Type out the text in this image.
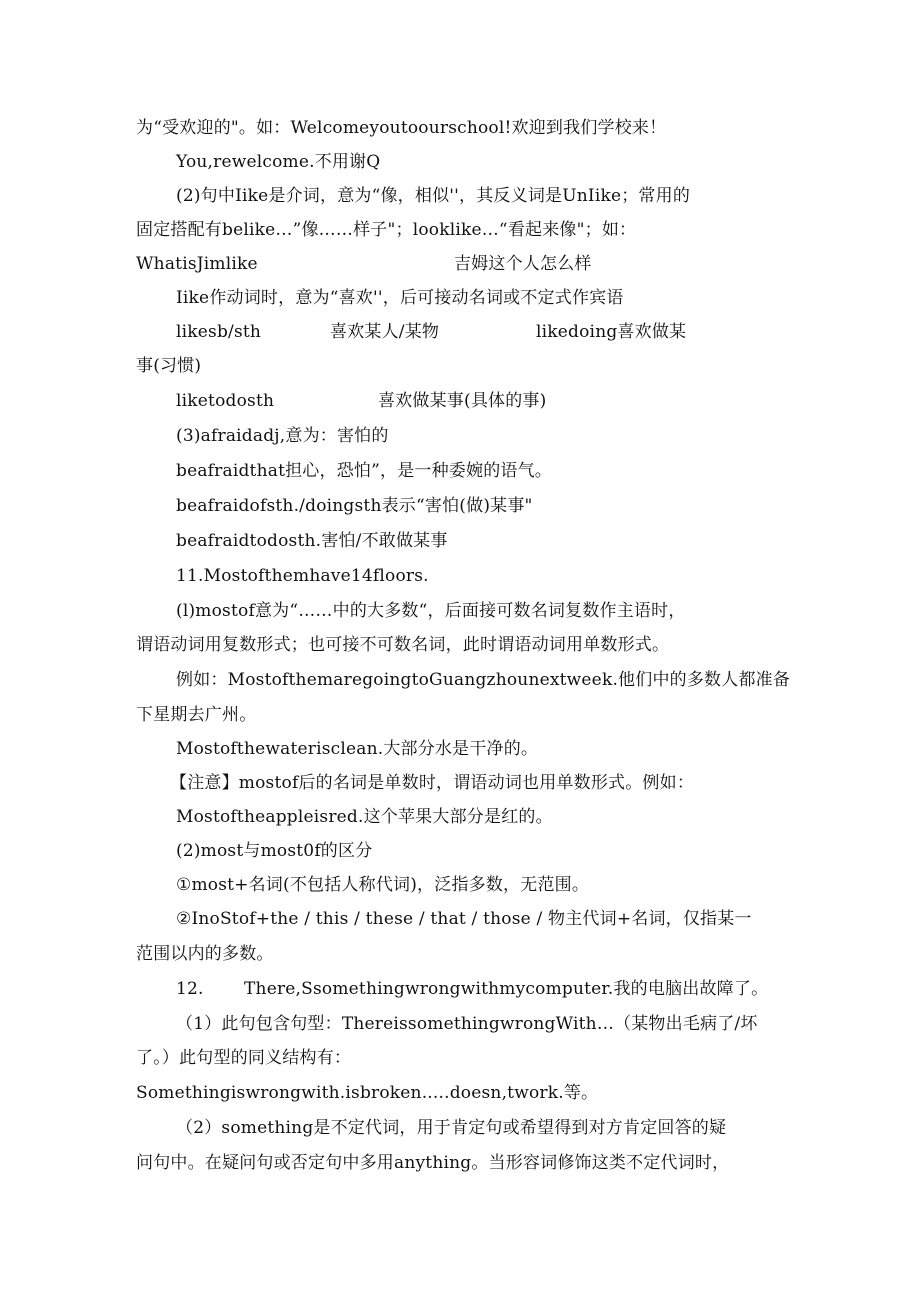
为“受欢迎的"。如：Welcomeyoutoourschool!欢迎到我们学校来！
You,rewelcome.不用谢Q
(2)句中Iike是介词，意为“像，相似''，其反义词是UnIike；常用的
固定搭配有belike…”像……样子"；looklike…“看起来像"；如：
WhatisJimlike	吉姆这个人怎么样
Iike作动词时，意为“喜欢''，后可接动名词或不定式作宾语
likesb/sth	喜欢某人/某物	likedoing喜欢做某
事(习惯)
liketodosth	喜欢做某事(具体的事)
(3)afraidadj,意为：害怕的
beafraidthat担心，恐怕”，是一种委婉的语气。
beafraidofsth./doingsth表示“害怕(做)某事"
beafraidtodosth.害怕/不敢做某事
11.Mostofthemhave14floors.
(l)mostof意为“……中的大多数“，后面接可数名词复数作主语时，
谓语动词用复数形式；也可接不可数名词，此时谓语动词用单数形式。
例如：MostofthemaregoingtoGuangzhounextweek.他们中的多数人都准备
下星期去广州。
Mostofthewaterisclean.大部分水是干净的。
【注意】mostof后的名词是单数时，谓语动词也用单数形式。例如：
Mostoftheappleisred.这个苹果大部分是红的。
(2)most与most0f的区分
①most+名词(不包括人称代词)，泛指多数，无范围。
②InoStof+the / this / these / that / those / 物主代词+名词，仅指某一
范围以内的多数。
12. There,Ssomethingwrongwithmycomputer.我的电脑出故障了。
（1）此句包含句型：ThereissomethingwrongWith…（某物出毛病了/坏
了。）此句型的同义结构有：
Somethingiswrongwith.isbroken.....doesn,twork.等。
（2）something是不定代词，用于肯定句或希望得到对方肯定回答的疑
问句中。在疑问句或否定句中多用anything。当形容词修饰这类不定代词时，
